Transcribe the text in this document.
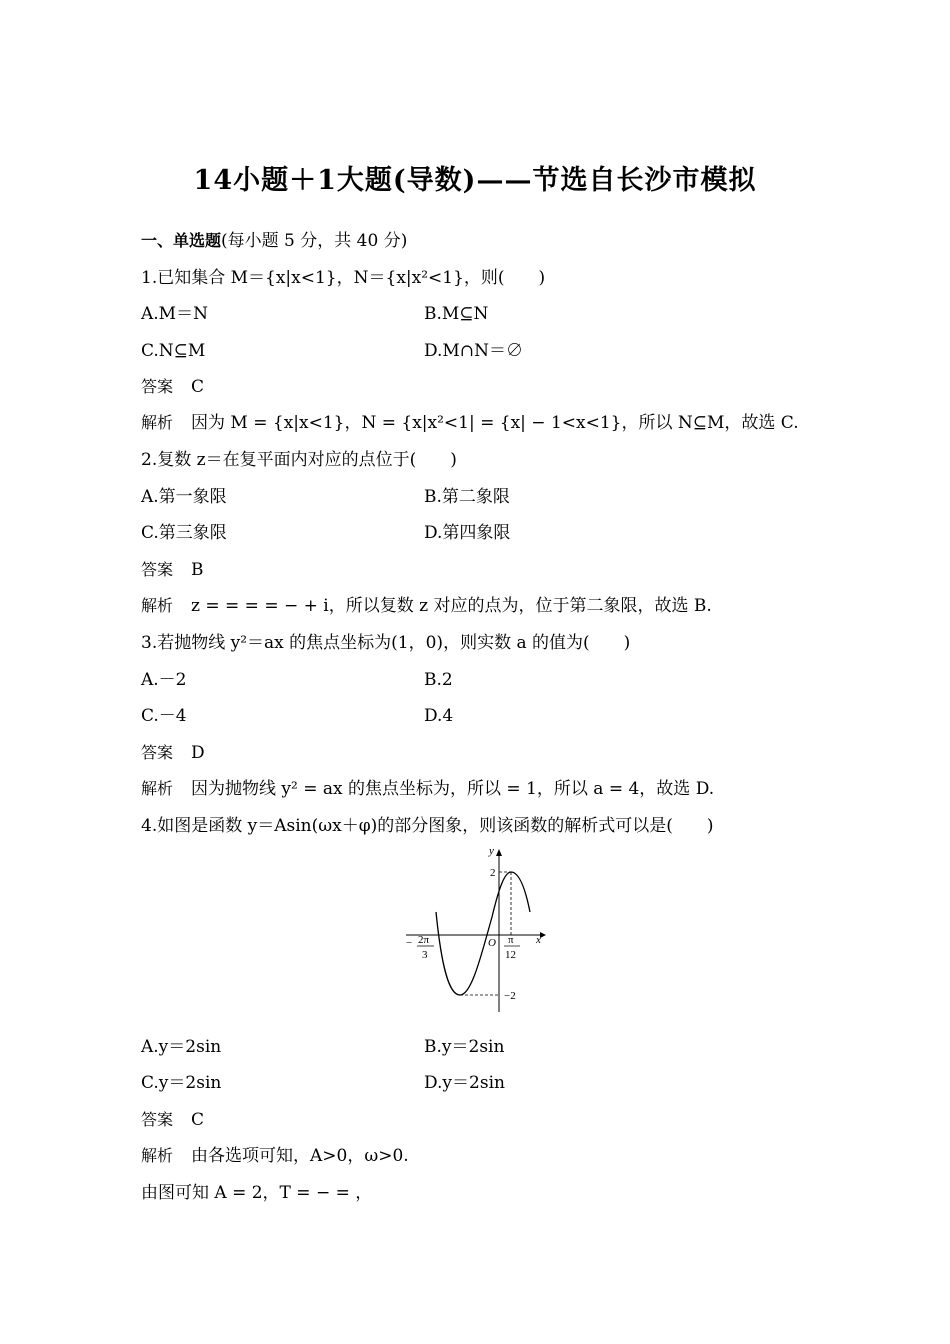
14小题＋1大题(导数)——节选自长沙市模拟
一、单选题(每小题 5 分，共 40 分)
1.已知集合 M＝{x|x<1}，N＝{x|x²<1}，则(　　)
A.M＝N	B.M⊆N
C.N⊆M	D.M∩N＝∅
答案 C
解析 因为 M = {x|x<1}，N = {x|x²<1| = {x| − 1<x<1}，所以 N⊆M，故选 C.
2.复数 z＝在复平面内对应的点位于(　　)
A.第一象限	B.第二象限
C.第三象限	D.第四象限
答案 B
解析 z = = = = − + i，所以复数 z 对应的点为，位于第二象限，故选 B.
3.若抛物线 y²＝ax 的焦点坐标为(1，0)，则实数 a 的值为(　　)
A.－2	B.2
C.－4	D.4
答案 D
解析 因为抛物线 y² = ax 的焦点坐标为，所以 = 1，所以 a = 4，故选 D.
4.如图是函数 y＝Asin(ωx＋φ)的部分图象，则该函数的解析式可以是(　　)
y
x
O
2
−2
− 2π
3
π
12
A.y＝2sin	B.y＝2sin
C.y＝2sin	D.y＝2sin
答案 C
解析 由各选项可知，A>0，ω>0.
由图可知 A = 2，T = − = ，
